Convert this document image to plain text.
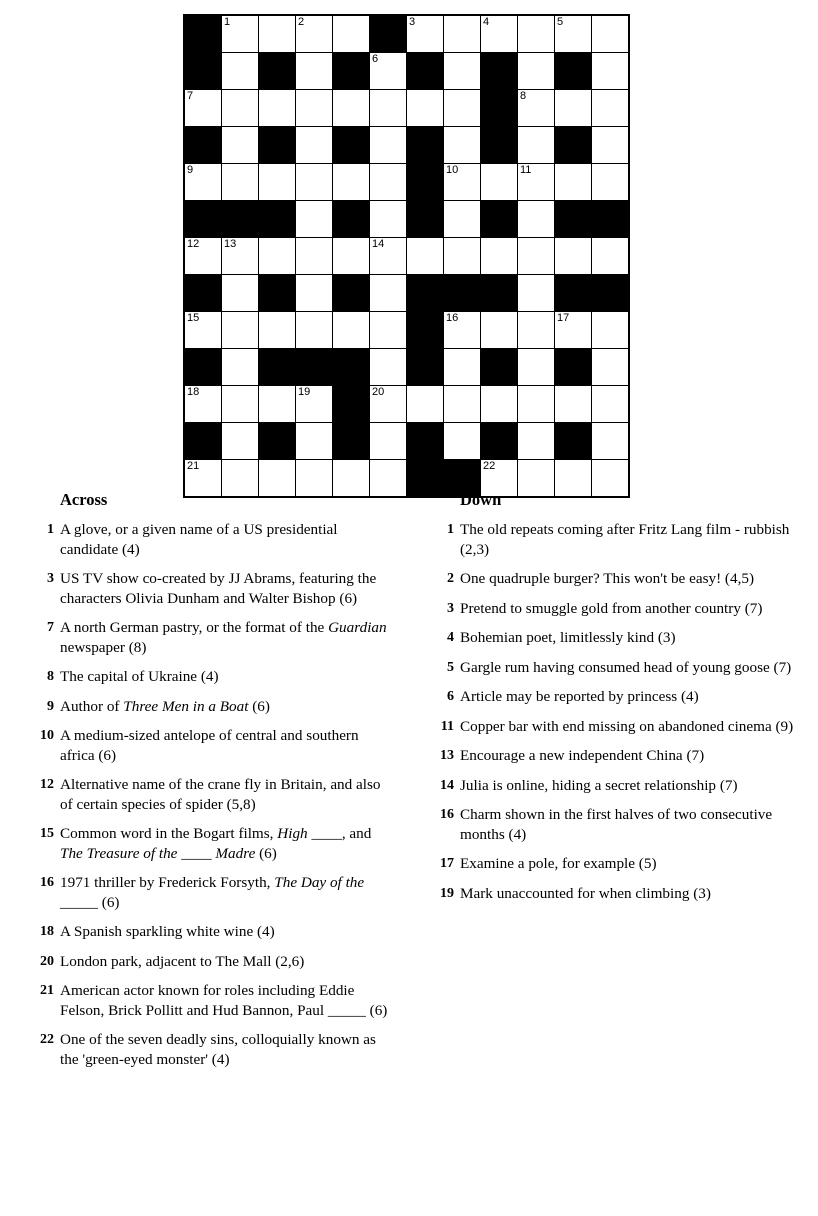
	1		2			3		4		5	

					6						

7									8		

9							10		11		

12	13				14						

15							16			17	

18			19		20						

21								22			

Across
1 A glove, or a given name of a US presidential candidate (4)
3 US TV show co-created by JJ Abrams, featuring the characters Olivia Dunham and Walter Bishop (6)
7 A north German pastry, or the format of the Guardian newspaper (8)
8 The capital of Ukraine (4)
9 Author of Three Men in a Boat (6)
10 A medium-sized antelope of central and southern africa (6)
12 Alternative name of the crane fly in Britain, and also of certain species of spider (5,8)
15 Common word in the Bogart films, High ____, and The Treasure of the ____ Madre (6)
16 1971 thriller by Frederick Forsyth, The Day of the _____ (6)
18 A Spanish sparkling white wine (4)
20 London park, adjacent to The Mall (2,6)
21 American actor known for roles including Eddie Felson, Brick Pollitt and Hud Bannon, Paul _____ (6)
22 One of the seven deadly sins, colloquially known as the 'green-eyed monster' (4)
Down
1 The old repeats coming after Fritz Lang film - rubbish (2,3)
2 One quadruple burger? This won't be easy! (4,5)
3 Pretend to smuggle gold from another country (7)
4 Bohemian poet, limitlessly kind (3)
5 Gargle rum having consumed head of young goose (7)
6 Article may be reported by princess (4)
11 Copper bar with end missing on abandoned cinema (9)
13 Encourage a new independent China (7)
14 Julia is online, hiding a secret relationship (7)
16 Charm shown in the first halves of two consecutive months (4)
17 Examine a pole, for example (5)
19 Mark unaccounted for when climbing (3)
